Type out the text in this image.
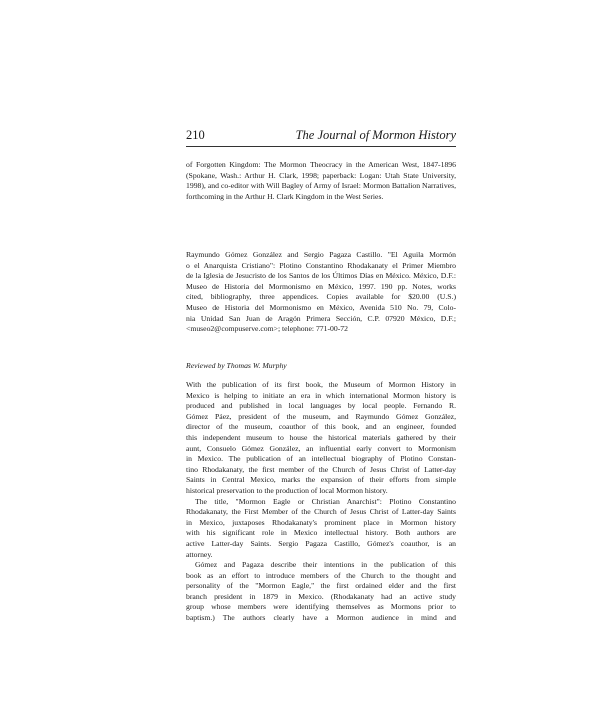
210	The Journal of Mormon History
of Forgotten Kingdom: The Mormon Theocracy in the American West, 1847-1896
(Spokane, Wash.: Arthur H. Clark, 1998; paperback: Logan: Utah State University,
1998), and co-editor with Will Bagley of Army of Israel: Mormon Battalion Narratives,
forthcoming in the Arthur H. Clark Kingdom in the West Series.
Raymundo Gómez González and Sergio Pagaza Castillo. "El Aguila Mormón
o el Anarquista Cristiano": Plotino Constantino Rhodakanaty el Primer Miembro
de la Iglesia de Jesucristo de los Santos de los Últimos Días en México. México, D.F.:
Museo de Historia del Mormonismo en México, 1997. 190 pp. Notes, works
cited, bibliography, three appendices. Copies available for $20.00 (U.S.)
Museo de Historia del Mormonismo en México, Avenida 510 No. 79, Colo-
nia Unidad San Juan de Aragón Primera Sección, C.P. 07920 México, D.F.;
<museo2@compuserve.com>; telephone: 771-00-72
Reviewed by Thomas W. Murphy
With the publication of its first book, the Museum of Mormon History in
Mexico is helping to initiate an era in which international Mormon history is
produced and published in local languages by local people. Fernando R.
Gómez Páez, president of the museum, and Raymundo Gómez González,
director of the museum, coauthor of this book, and an engineer, founded
this independent museum to house the historical materials gathered by their
aunt, Consuelo Gómez González, an influential early convert to Mormonism
in Mexico. The publication of an intellectual biography of Plotino Constan-
tino Rhodakanaty, the first member of the Church of Jesus Christ of Latter-day
Saints in Central Mexico, marks the expansion of their efforts from simple
historical preservation to the production of local Mormon history.
The title, "Mormon Eagle or Christian Anarchist": Plotino Constantino
Rhodakanaty, the First Member of the Church of Jesus Christ of Latter-day Saints
in Mexico, juxtaposes Rhodakanaty's prominent place in Mormon history
with his significant role in Mexico intellectual history. Both authors are
active Latter-day Saints. Sergio Pagaza Castillo, Gómez's coauthor, is an
attorney.
Gómez and Pagaza describe their intentions in the publication of this
book as an effort to introduce members of the Church to the thought and
personality of the "Mormon Eagle," the first ordained elder and the first
branch president in 1879 in Mexico. (Rhodakanaty had an active study
group whose members were identifying themselves as Mormons prior to
baptism.) The authors clearly have a Mormon audience in mind and
